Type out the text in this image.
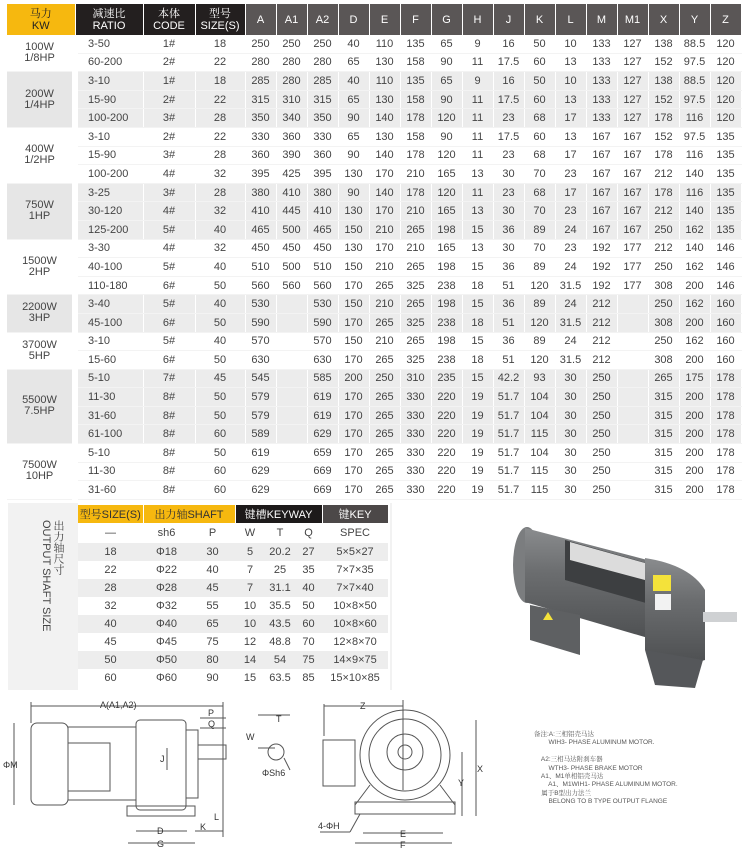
马力
KW	减速比
RATIO	本体
CODE	型号
SIZE(S)	A	A1	A2	D	E	F	G	H	J	K	L	M	M1	X	Y	Z
100W
1/8HP	3-50	1#	18	250	250	250	40	110	135	65	9	16	50	10	133	127	138	88.5	120
	60-200	2#	22	280	280	280	65	130	158	90	11	17.5	60	13	133	127	152	97.5	120
200W
1/4HP	3-10	1#	18	285	280	285	40	110	135	65	9	16	50	10	133	127	138	88.5	120
	15-90	2#	22	315	310	315	65	130	158	90	11	17.5	60	13	133	127	152	97.5	120
	100-200	3#	28	350	340	350	90	140	178	120	11	23	68	17	133	127	178	116	120
400W
1/2HP	3-10	2#	22	330	360	330	65	130	158	90	11	17.5	60	13	167	167	152	97.5	135
	15-90	3#	28	360	390	360	90	140	178	120	11	23	68	17	167	167	178	116	135
	100-200	4#	32	395	425	395	130	170	210	165	13	30	70	23	167	167	212	140	135
750W
1HP	3-25	3#	28	380	410	380	90	140	178	120	11	23	68	17	167	167	178	116	135
	30-120	4#	32	410	445	410	130	170	210	165	13	30	70	23	167	167	212	140	135
	125-200	5#	40	465	500	465	150	210	265	198	15	36	89	24	167	167	250	162	135
1500W
2HP	3-30	4#	32	450	450	450	130	170	210	165	13	30	70	23	192	177	212	140	146
	40-100	5#	40	510	500	510	150	210	265	198	15	36	89	24	192	177	250	162	146
	110-180	6#	50	560	560	560	170	265	325	238	18	51	120	31.5	192	177	308	200	146
2200W
3HP	3-40	5#	40	530		530	150	210	265	198	15	36	89	24	212		250	162	160
	45-100	6#	50	590		590	170	265	325	238	18	51	120	31.5	212		308	200	160
3700W
5HP	3-10	5#	40	570		570	150	210	265	198	15	36	89	24	212		250	162	160
	15-60	6#	50	630		630	170	265	325	238	18	51	120	31.5	212		308	200	160
5500W
7.5HP	5-10	7#	45	545		585	200	250	310	235	15	42.2	93	30	250		265	175	178
	11-30	8#	50	579		619	170	265	330	220	19	51.7	104	30	250		315	200	178
	31-60	8#	50	579		619	170	265	330	220	19	51.7	104	30	250		315	200	178
	61-100	8#	60	589		629	170	265	330	220	19	51.7	115	30	250		315	200	178
7500W
10HP	5-10	8#	50	619		659	170	265	330	220	19	51.7	104	30	250		315	200	178
	11-30	8#	60	629		669	170	265	330	220	19	51.7	115	30	250		315	200	178
	31-60	8#	60	629		669	170	265	330	220	19	51.7	115	30	250		315	200	178
出力轴尺寸
OUTPUT SHAFT SIZE
型号SIZE(S)	出力轴SHAFT		键槽KEYWAY			键KEY
—	sh6	P	W	T	Q	SPEC
18	Φ18	30	5	20.2	27	5×5×27
22	Φ22	40	7	25	35	7×7×35
28	Φ28	45	7	31.1	40	7×7×40
32	Φ32	55	10	35.5	50	10×8×50
40	Φ40	65	10	43.5	60	10×8×60
45	Φ45	75	12	48.8	70	12×8×70
50	Φ50	80	14	54	75	14×9×75
60	Φ60	90	15	63.5	85	15×10×85
A(A1,A2)
P
Q
J
ΦM
D
G
K
L
T
W
ΦSh6
Z
X
Y
E
F
4-ΦH
备注:A:三相铝壳马达
WIH3- PHASE ALUMINUM MOTOR.

A2:三相马达附刹车器
WTH3- PHASE BRAKE MOTOR
A1、M1单相铝壳马达
A1、M1WIH1- PHASE ALUMINUM MOTOR.
属于B型出力法兰
BELONG TO B TYPE OUTPUT FLANGE
